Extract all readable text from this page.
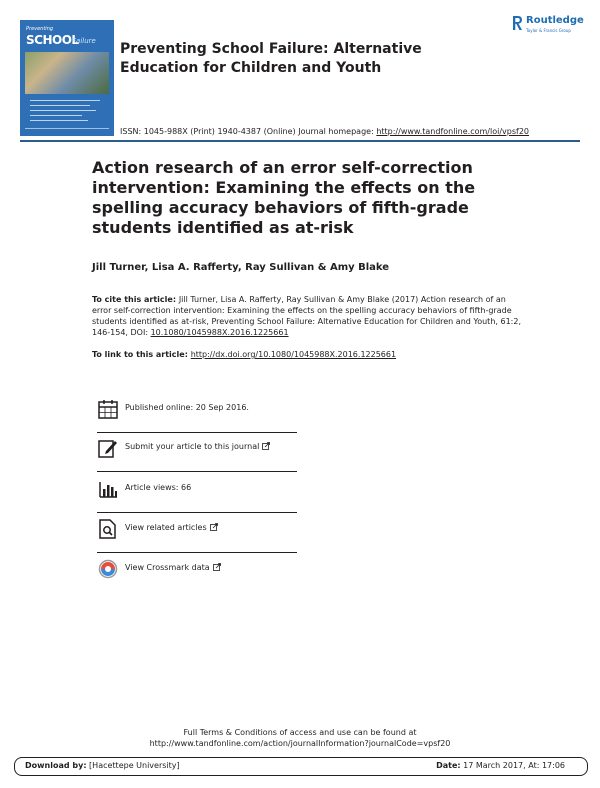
Preventing
SCHOOL
Failure Preventing School Failure: Alternative Education for Children and Youth
Routledge
Taylor & Francis Group
ISSN: 1045-988X (Print) 1940-4387 (Online) Journal homepage: http://www.tandfonline.com/loi/vpsf20
Action research of an error self-correction intervention: Examining the effects on the spelling accuracy behaviors of fifth-grade students identified as at-risk
Jill Turner, Lisa A. Rafferty, Ray Sullivan & Amy Blake
To cite this article: Jill Turner, Lisa A. Rafferty, Ray Sullivan & Amy Blake (2017) Action research of an error self-correction intervention: Examining the effects on the spelling accuracy behaviors of fifth-grade students identified as at-risk, Preventing School Failure: Alternative Education for Children and Youth, 61:2, 146-154, DOI: 10.1080/1045988X.2016.1225661
To link to this article: http://dx.doi.org/10.1080/1045988X.2016.1225661
Published online: 20 Sep 2016.
Submit your article to this journal
Article views: 66
View related articles
View Crossmark data
Full Terms & Conditions of access and use can be found at
http://www.tandfonline.com/action/journalInformation?journalCode=vpsf20
Download by: [Hacettepe University]	Date: 17 March 2017, At: 17:06
